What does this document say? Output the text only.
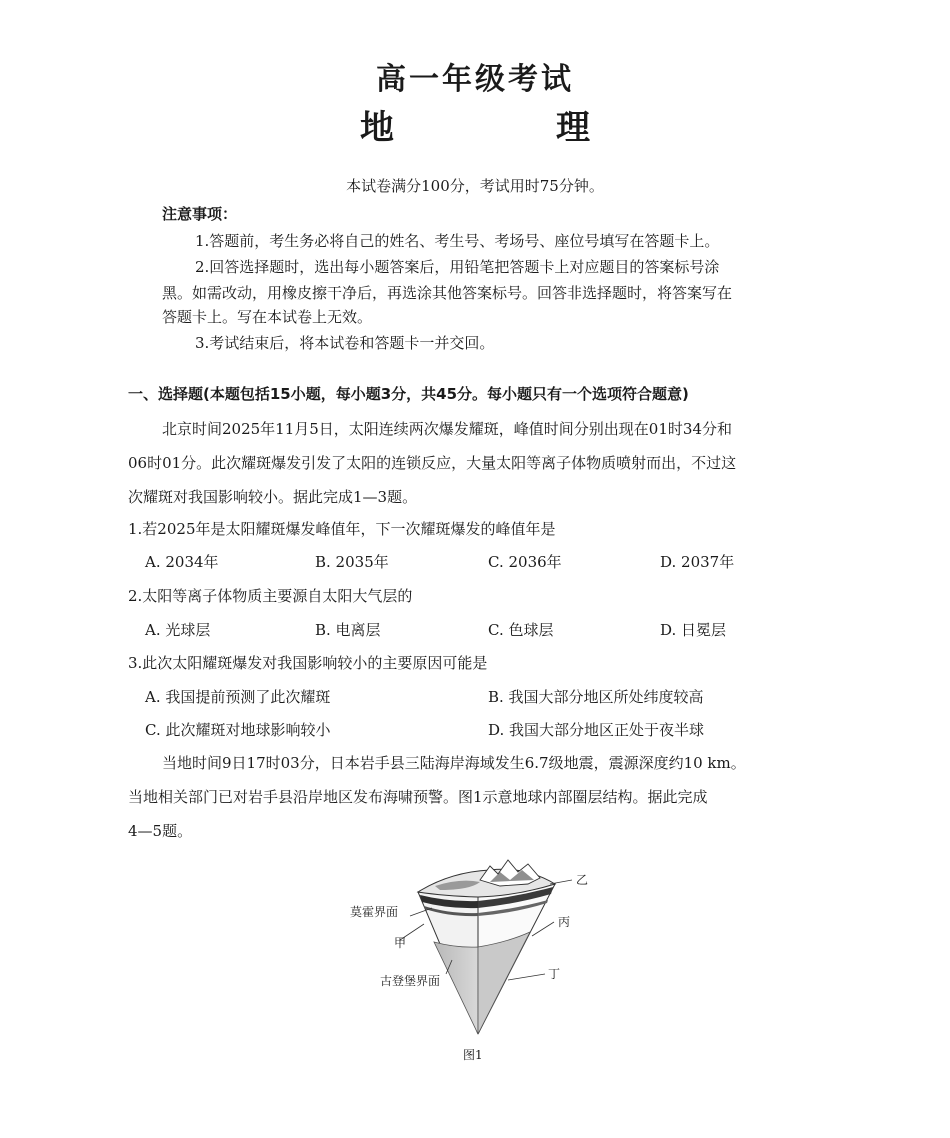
高一年级考试
地　理
本试卷满分100分，考试用时75分钟。
注意事项：
1.答题前，考生务必将自己的姓名、考生号、考场号、座位号填写在答题卡上。
2.回答选择题时，选出每小题答案后，用铅笔把答题卡上对应题目的答案标号涂
黑。如需改动，用橡皮擦干净后，再选涂其他答案标号。回答非选择题时，将答案写在
答题卡上。写在本试卷上无效。
3.考试结束后，将本试卷和答题卡一并交回。
一、选择题(本题包括15小题，每小题3分，共45分。每小题只有一个选项符合题意)
北京时间2025年11月5日，太阳连续两次爆发耀斑，峰值时间分别出现在01时34分和
06时01分。此次耀斑爆发引发了太阳的连锁反应，大量太阳等离子体物质喷射而出，不过这
次耀斑对我国影响较小。据此完成1—3题。
1.若2025年是太阳耀斑爆发峰值年，下一次耀斑爆发的峰值年是
A. 2034年	B. 2035年	C. 2036年	D. 2037年
2.太阳等离子体物质主要源自太阳大气层的
A. 光球层	B. 电离层	C. 色球层	D. 日冕层
3.此次太阳耀斑爆发对我国影响较小的主要原因可能是
A. 我国提前预测了此次耀斑	B. 我国大部分地区所处纬度较高
C. 此次耀斑对地球影响较小	D. 我国大部分地区正处于夜半球
当地时间9日17时03分，日本岩手县三陆海岸海域发生6.7级地震，震源深度约10 km。
当地相关部门已对岩手县沿岸地区发布海啸预警。图1示意地球内部圈层结构。据此完成
4—5题。
莫霍界面
甲
古登堡界面
乙
丙
丁
图1
